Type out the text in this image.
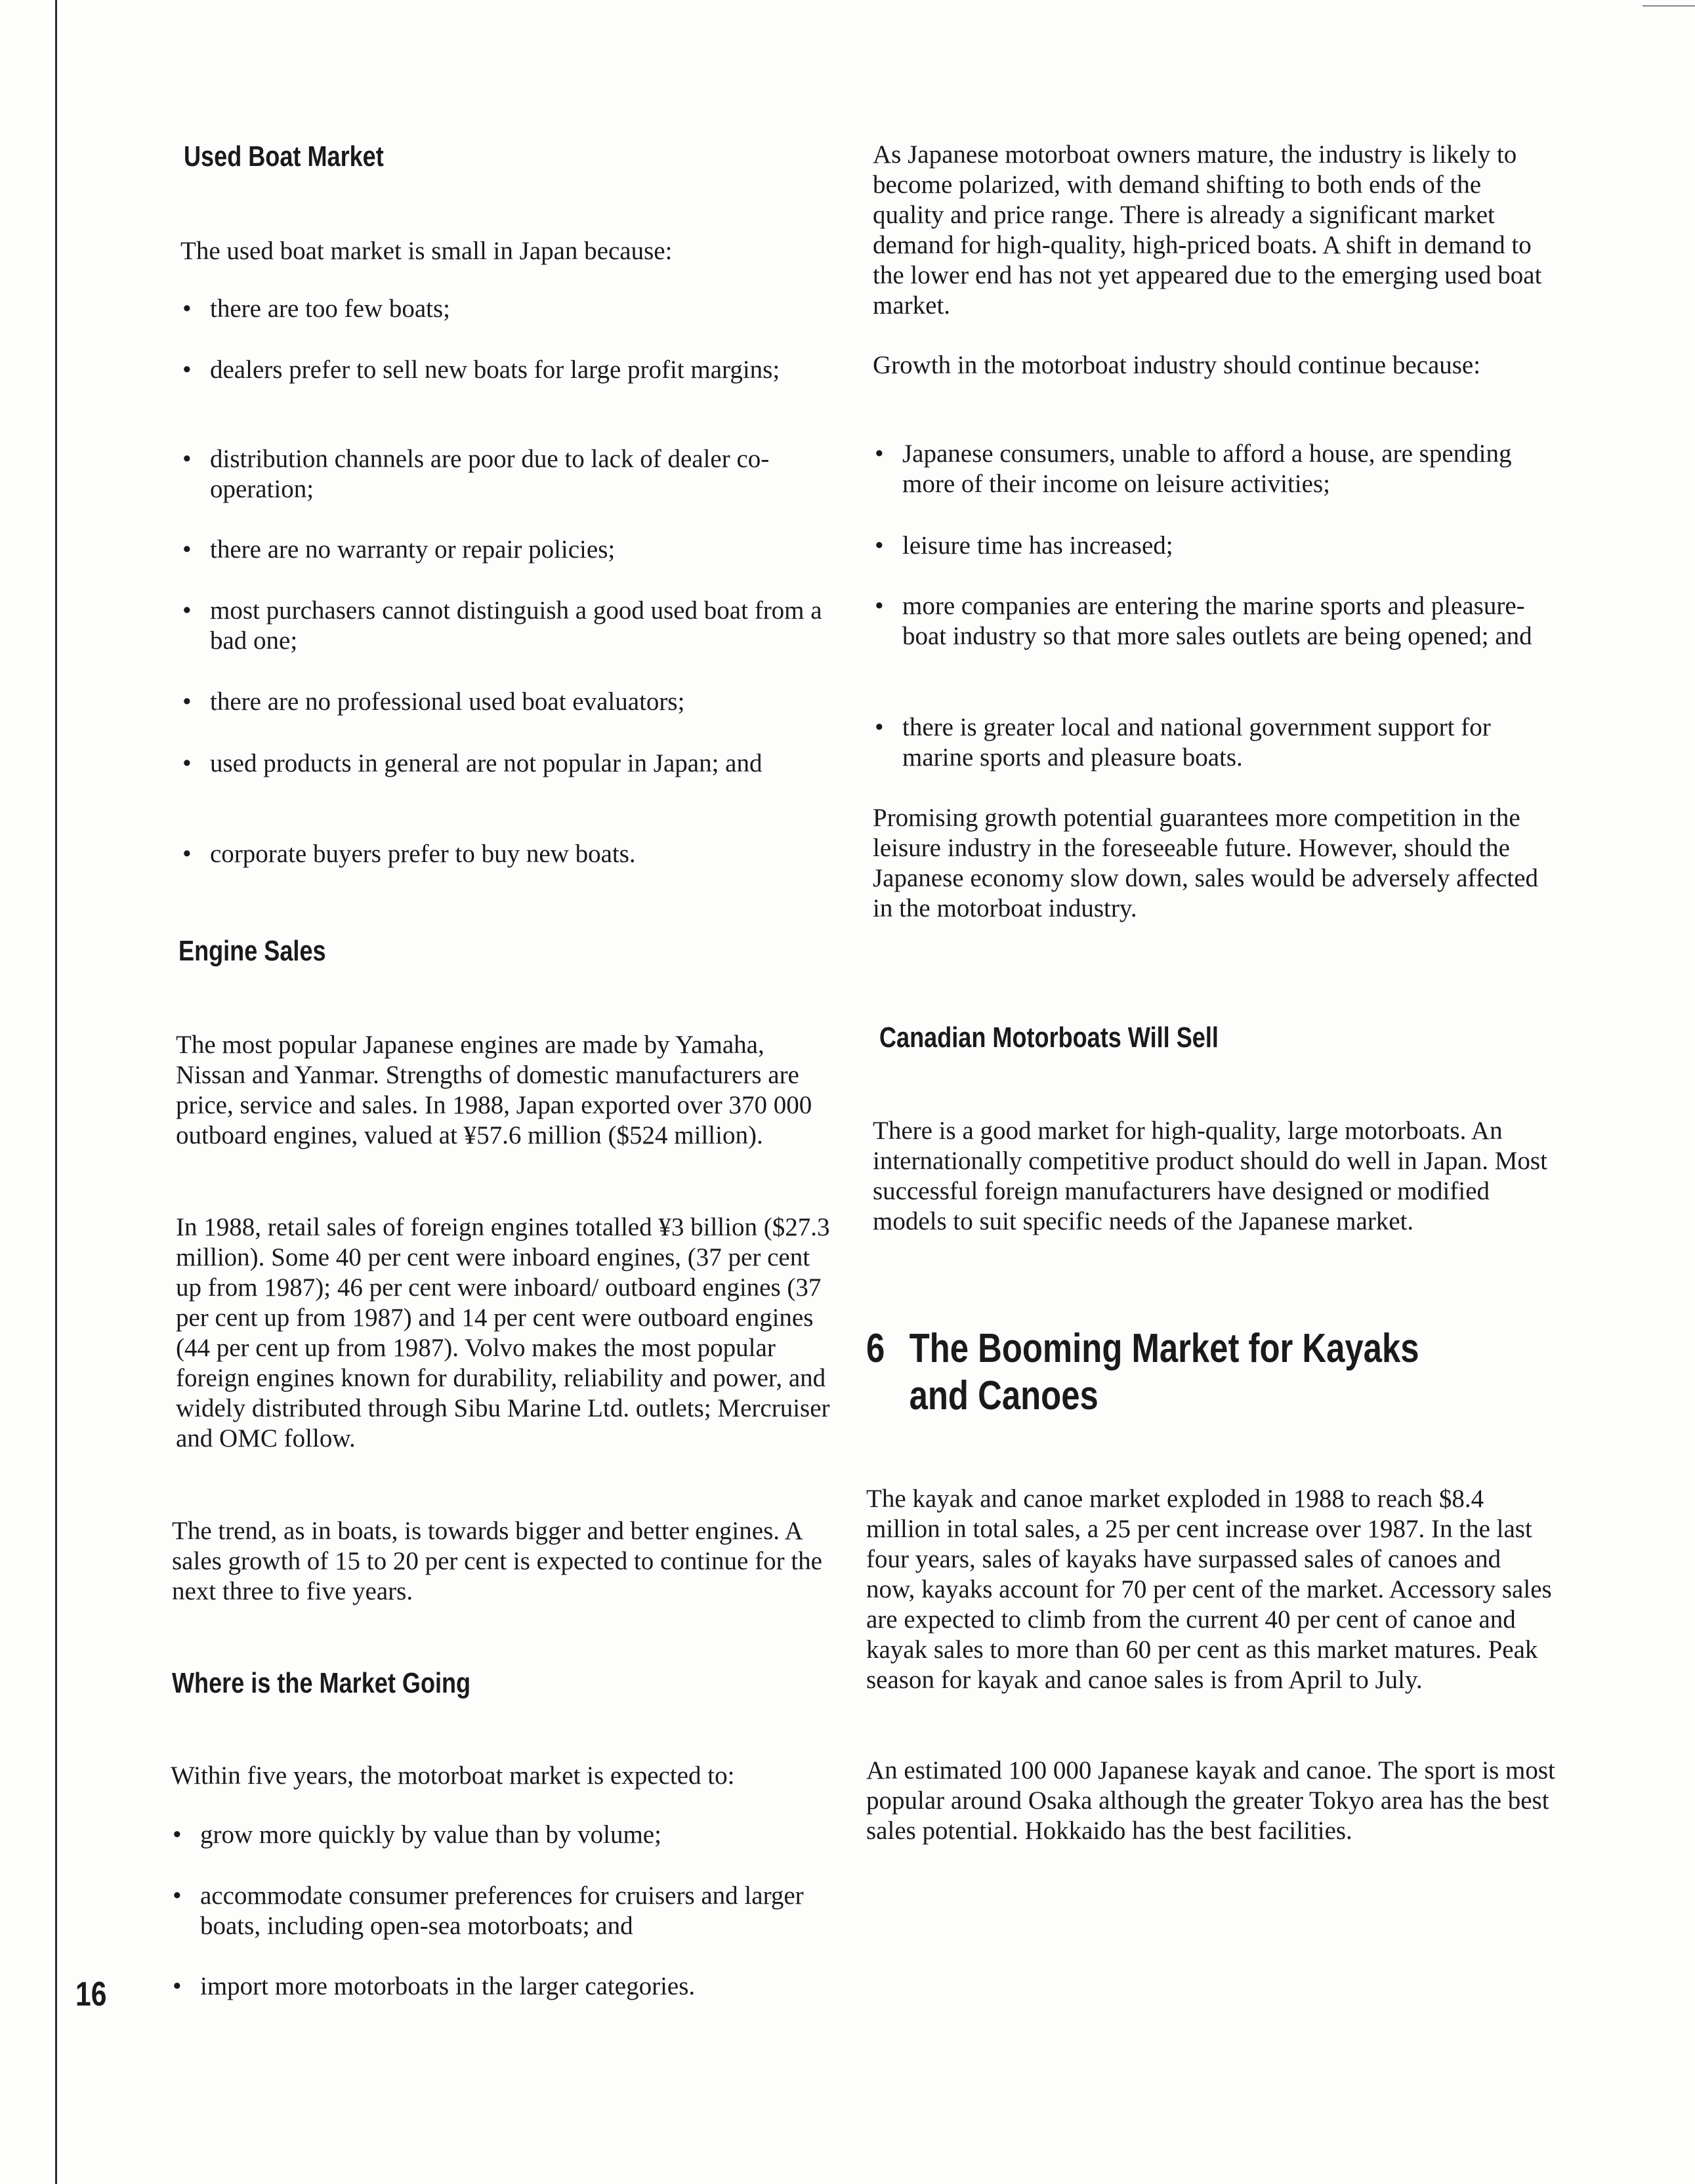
Used Boat Market

The used boat market is small in Japan because:

• there are too few boats;
• dealers prefer to sell new boats for large profit margins;
• distribution channels are poor due to lack of dealer co-operation;
• there are no warranty or repair policies;
• most purchasers cannot distinguish a good used boat from a bad one;
• there are no professional used boat evaluators;
• used products in general are not popular in Japan; and
• corporate buyers prefer to buy new boats.
Engine Sales

The most popular Japanese engines are made by Yamaha, Nissan and Yanmar. Strengths of domestic manufacturers are price, service and sales. In 1988, Japan exported over 370 000 outboard engines, valued at ¥57.6 million ($524 million).

In 1988, retail sales of foreign engines totalled ¥3 billion ($27.3 million). Some 40 per cent were inboard engines, (37 per cent up from 1987); 46 per cent were inboard/ outboard engines (37 per cent up from 1987) and 14 per cent were outboard engines (44 per cent up from 1987). Volvo makes the most popular foreign engines known for durability, reliability and power, and widely distributed through Sibu Marine Ltd. outlets; Mercruiser and OMC follow.

The trend, as in boats, is towards bigger and better engines. A sales growth of 15 to 20 per cent is expected to continue for the next three to five years.

Where is the Market Going

Within five years, the motorboat market is expected to:

• grow more quickly by value than by volume;
• accommodate consumer preferences for cruisers and larger boats, including open-sea motorboats; and
• import more motorboats in the larger categories.

As Japanese motorboat owners mature, the industry is likely to become polarized, with demand shifting to both ends of the quality and price range. There is already a significant market demand for high-quality, high-priced boats. A shift in demand to the lower end has not yet appeared due to the emerging used boat market.

Growth in the motorboat industry should continue because:

• Japanese consumers, unable to afford a house, are spending more of their income on leisure activities;
• leisure time has increased;
• more companies are entering the marine sports and pleasure-boat industry so that more sales outlets are being opened; and
• there is greater local and national government support for marine sports and pleasure boats.

Promising growth potential guarantees more competition in the leisure industry in the foreseeable future. However, should the Japanese economy slow down, sales would be adversely affected in the motorboat industry.

Canadian Motorboats Will Sell

There is a good market for high-quality, large motorboats. An internationally competitive product should do well in Japan. Most successful foreign manufacturers have designed or modified models to suit specific needs of the Japanese market.

6 The Booming Market for Kayaks
and Canoes

The kayak and canoe market exploded in 1988 to reach $8.4 million in total sales, a 25 per cent increase over 1987. In the last four years, sales of kayaks have surpassed sales of canoes and now, kayaks account for 70 per cent of the market. Accessory sales are expected to climb from the current 40 per cent of canoe and kayak sales to more than 60 per cent as this market matures. Peak season for kayak and canoe sales is from April to July.

An estimated 100 000 Japanese kayak and canoe. The sport is most popular around Osaka although the greater Tokyo area has the best sales potential. Hokkaido has the best facilities.

16
